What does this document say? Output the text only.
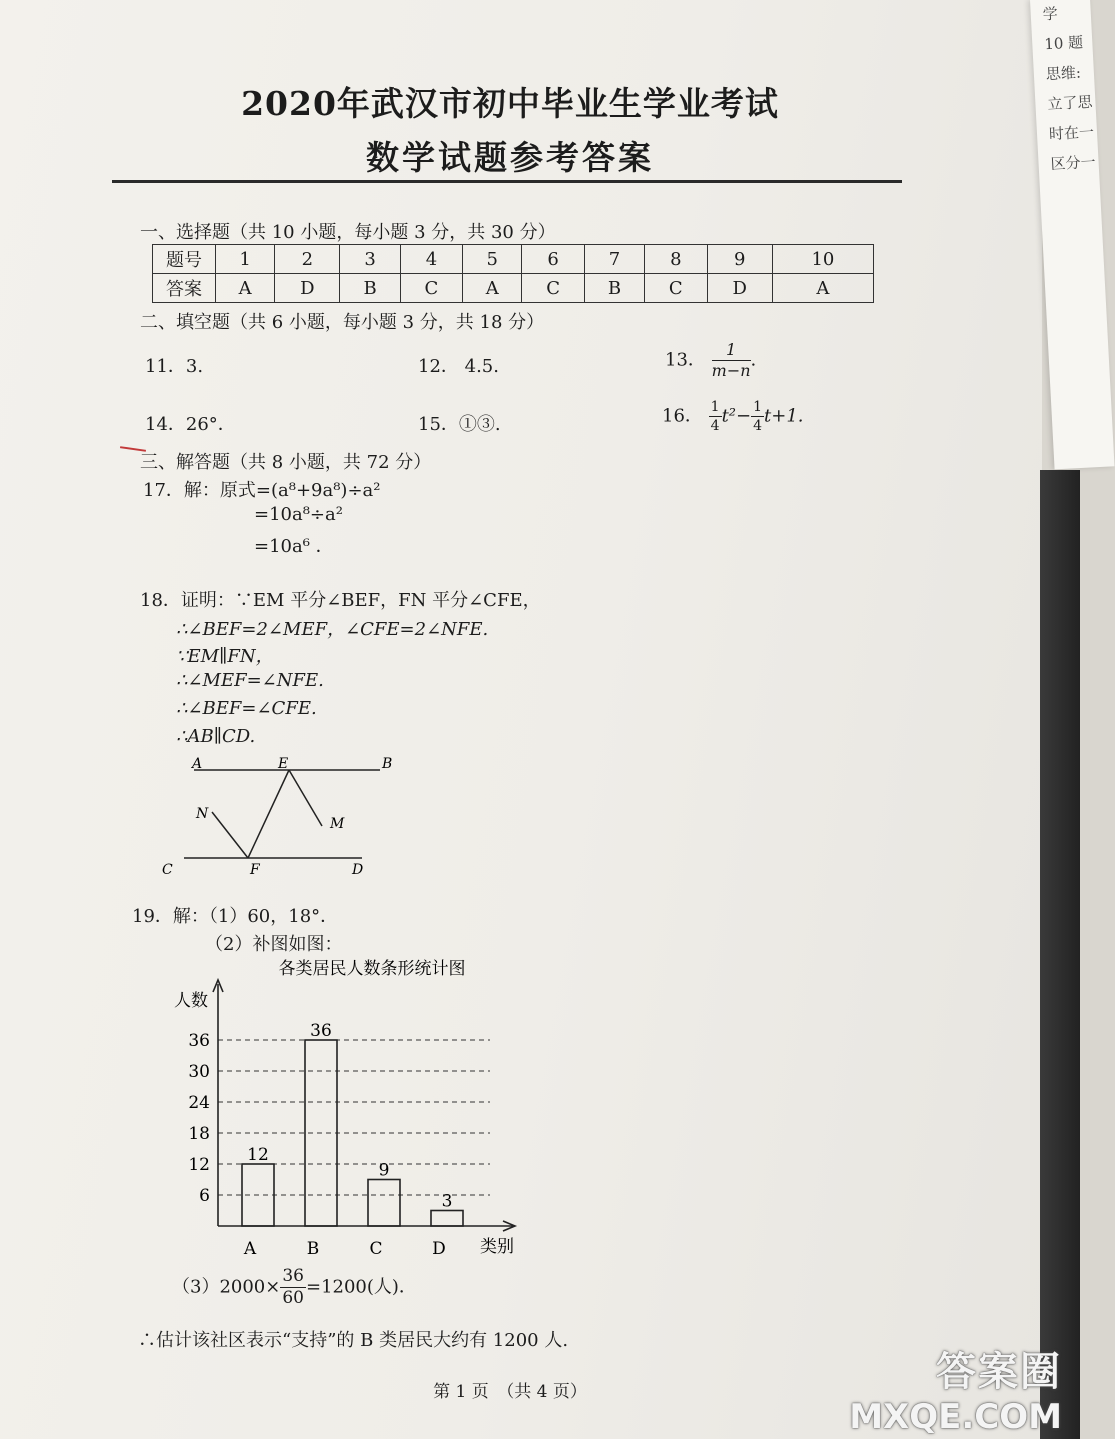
学
10 题
思维:
立了思
时在一
区分一
2020年武汉市初中毕业生学业考试
数学试题参考答案
一、选择题（共 10 小题，每小题 3 分，共 30 分）
题号	1	2	3	4	5	6	7	8	9	10
答案	A	D	B	C	A	C	B	C	D	A
二、填空题（共 6 小题，每小题 3 分，共 18 分）
11．3.	12． 4.5.	13． $\frac{1}{m-n}$ .
14．26°．	15．①③.	16． $\frac{1}{4} t^2- \frac{1}{4} t+1$.
三、解答题（共 8 小题，共 72 分）
17．解：原式=(a⁸+9a⁸)÷a²
=10a⁸÷a²
=10a⁶ ．
18．证明：∵EM 平分∠BEF，FN 平分∠CFE，
∴∠BEF=2∠MEF，∠CFE=2∠NFE.
∵EM∥FN，
∴∠MEF=∠NFE.
∴∠BEF=∠CFE.
∴AB∥CD.
A	E	B
N
M
C	F	D
19．解：（1）60，18°．
（2）补图如图：
各类居民人数条形统计图
人数
类别
6
12
18
24
30
36
12
A
36
B
9
C
3
D
$(3)2000\times \frac{36}{60} =1200$(人)．
∴估计该社区表示“支持”的 B 类居民大约有 1200 人.
第 1 页　（共 4 页）	答案圈
MXQE.COM
